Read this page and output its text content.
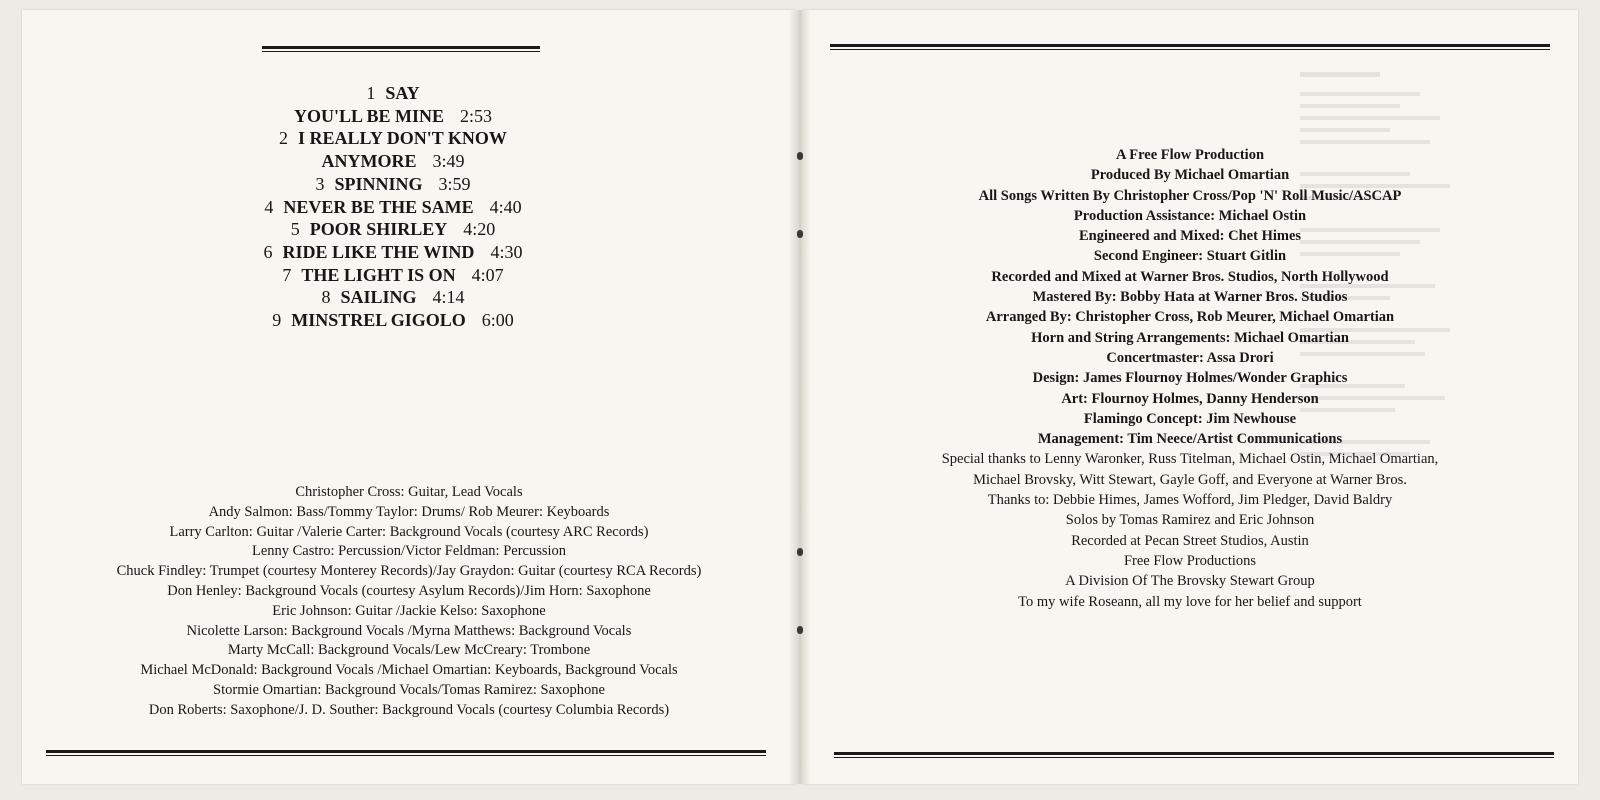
1 SAY
YOU'LL BE MINE 2:53
2 I REALLY DON'T KNOW
ANYMORE 3:49
3 SPINNING 3:59
4 NEVER BE THE SAME 4:40
5 POOR SHIRLEY 4:20
6 RIDE LIKE THE WIND 4:30
7 THE LIGHT IS ON 4:07
8 SAILING 4:14
9 MINSTREL GIGOLO 6:00
Christopher Cross: Guitar, Lead Vocals
Andy Salmon: Bass/Tommy Taylor: Drums/ Rob Meurer: Keyboards
Larry Carlton: Guitar /Valerie Carter: Background Vocals (courtesy ARC Records)
Lenny Castro: Percussion/Victor Feldman: Percussion
Chuck Findley: Trumpet (courtesy Monterey Records)/Jay Graydon: Guitar (courtesy RCA Records)
Don Henley: Background Vocals (courtesy Asylum Records)/Jim Horn: Saxophone
Eric Johnson: Guitar /Jackie Kelso: Saxophone
Nicolette Larson: Background Vocals /Myrna Matthews: Background Vocals
Marty McCall: Background Vocals/Lew McCreary: Trombone
Michael McDonald: Background Vocals /Michael Omartian: Keyboards, Background Vocals
Stormie Omartian: Background Vocals/Tomas Ramirez: Saxophone
Don Roberts: Saxophone/J. D. Souther: Background Vocals (courtesy Columbia Records)
A Free Flow Production
Produced By Michael Omartian
All Songs Written By Christopher Cross/Pop 'N' Roll Music/ASCAP
Production Assistance: Michael Ostin
Engineered and Mixed: Chet Himes
Second Engineer: Stuart Gitlin
Recorded and Mixed at Warner Bros. Studios, North Hollywood
Mastered By: Bobby Hata at Warner Bros. Studios
Arranged By: Christopher Cross, Rob Meurer, Michael Omartian
Horn and String Arrangements: Michael Omartian
Concertmaster: Assa Drori
Design: James Flournoy Holmes/Wonder Graphics
Art: Flournoy Holmes, Danny Henderson
Flamingo Concept: Jim Newhouse
Management: Tim Neece/Artist Communications
Special thanks to Lenny Waronker, Russ Titelman, Michael Ostin, Michael Omartian,
Michael Brovsky, Witt Stewart, Gayle Goff, and Everyone at Warner Bros.
Thanks to: Debbie Himes, James Wofford, Jim Pledger, David Baldry
Solos by Tomas Ramirez and Eric Johnson
Recorded at Pecan Street Studios, Austin
Free Flow Productions
A Division Of The Brovsky Stewart Group
To my wife Roseann, all my love for her belief and support
